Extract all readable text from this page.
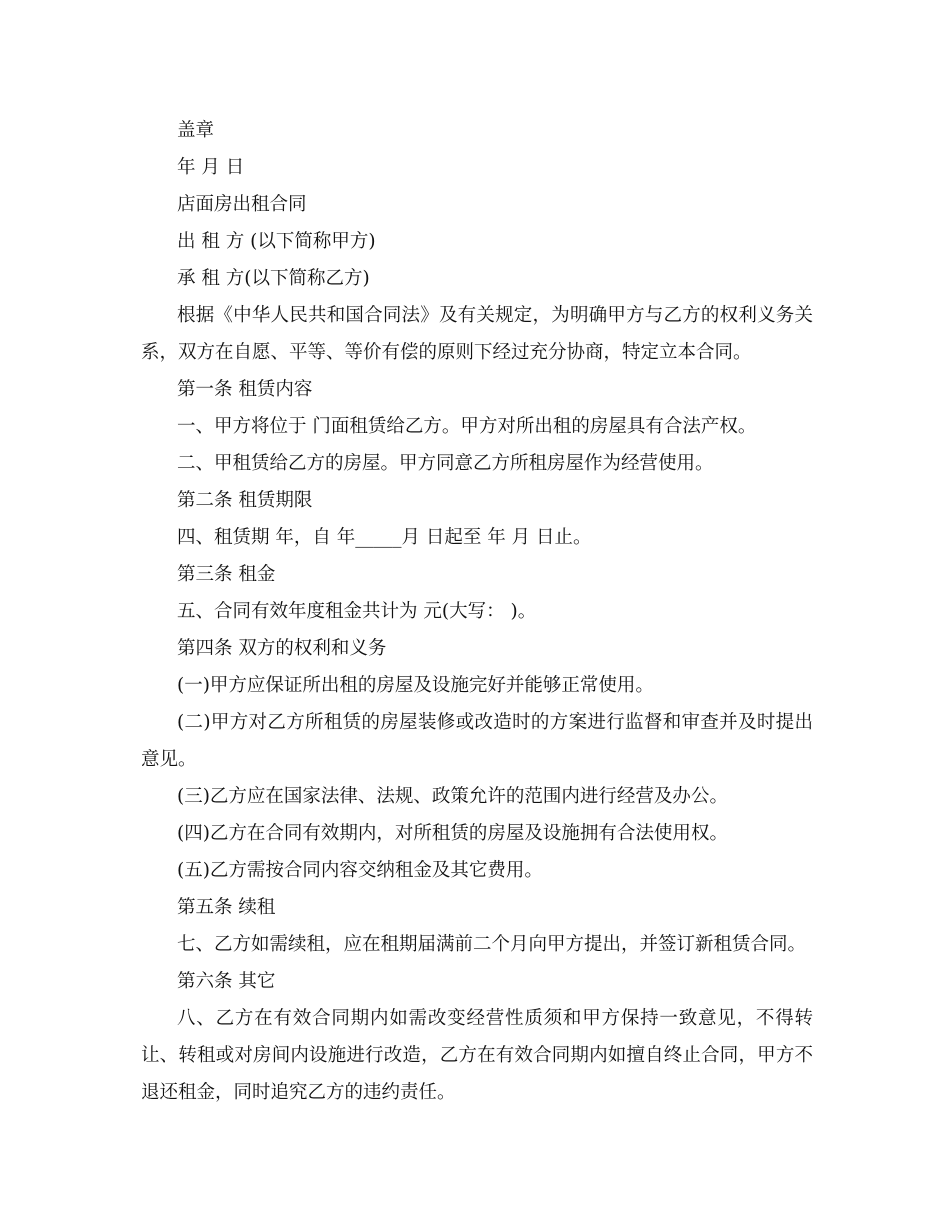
盖章
年 月 日
店面房出租合同
出 租 方 (以下简称甲方)
承 租 方(以下简称乙方)
根据《中华人民共和国合同法》及有关规定，为明确甲方与乙方的权利义务关系，双方在自愿、平等、等价有偿的原则下经过充分协商，特定立本合同。
第一条 租赁内容
一、甲方将位于 门面租赁给乙方。甲方对所出租的房屋具有合法产权。
二、甲租赁给乙方的房屋。甲方同意乙方所租房屋作为经营使用。
第二条 租赁期限
四、租赁期 年，自 年_____月 日起至 年 月 日止。
第三条 租金
五、合同有效年度租金共计为 元(大写： )。
第四条 双方的权利和义务
(一)甲方应保证所出租的房屋及设施完好并能够正常使用。
(二)甲方对乙方所租赁的房屋装修或改造时的方案进行监督和审查并及时提出意见。
(三)乙方应在国家法律、法规、政策允许的范围内进行经营及办公。
(四)乙方在合同有效期内，对所租赁的房屋及设施拥有合法使用权。
(五)乙方需按合同内容交纳租金及其它费用。
第五条 续租
七、乙方如需续租，应在租期届满前二个月向甲方提出，并签订新租赁合同。
第六条 其它
八、乙方在有效合同期内如需改变经营性质须和甲方保持一致意见，不得转让、转租或对房间内设施进行改造，乙方在有效合同期内如擅自终止合同，甲方不退还租金，同时追究乙方的违约责任。
